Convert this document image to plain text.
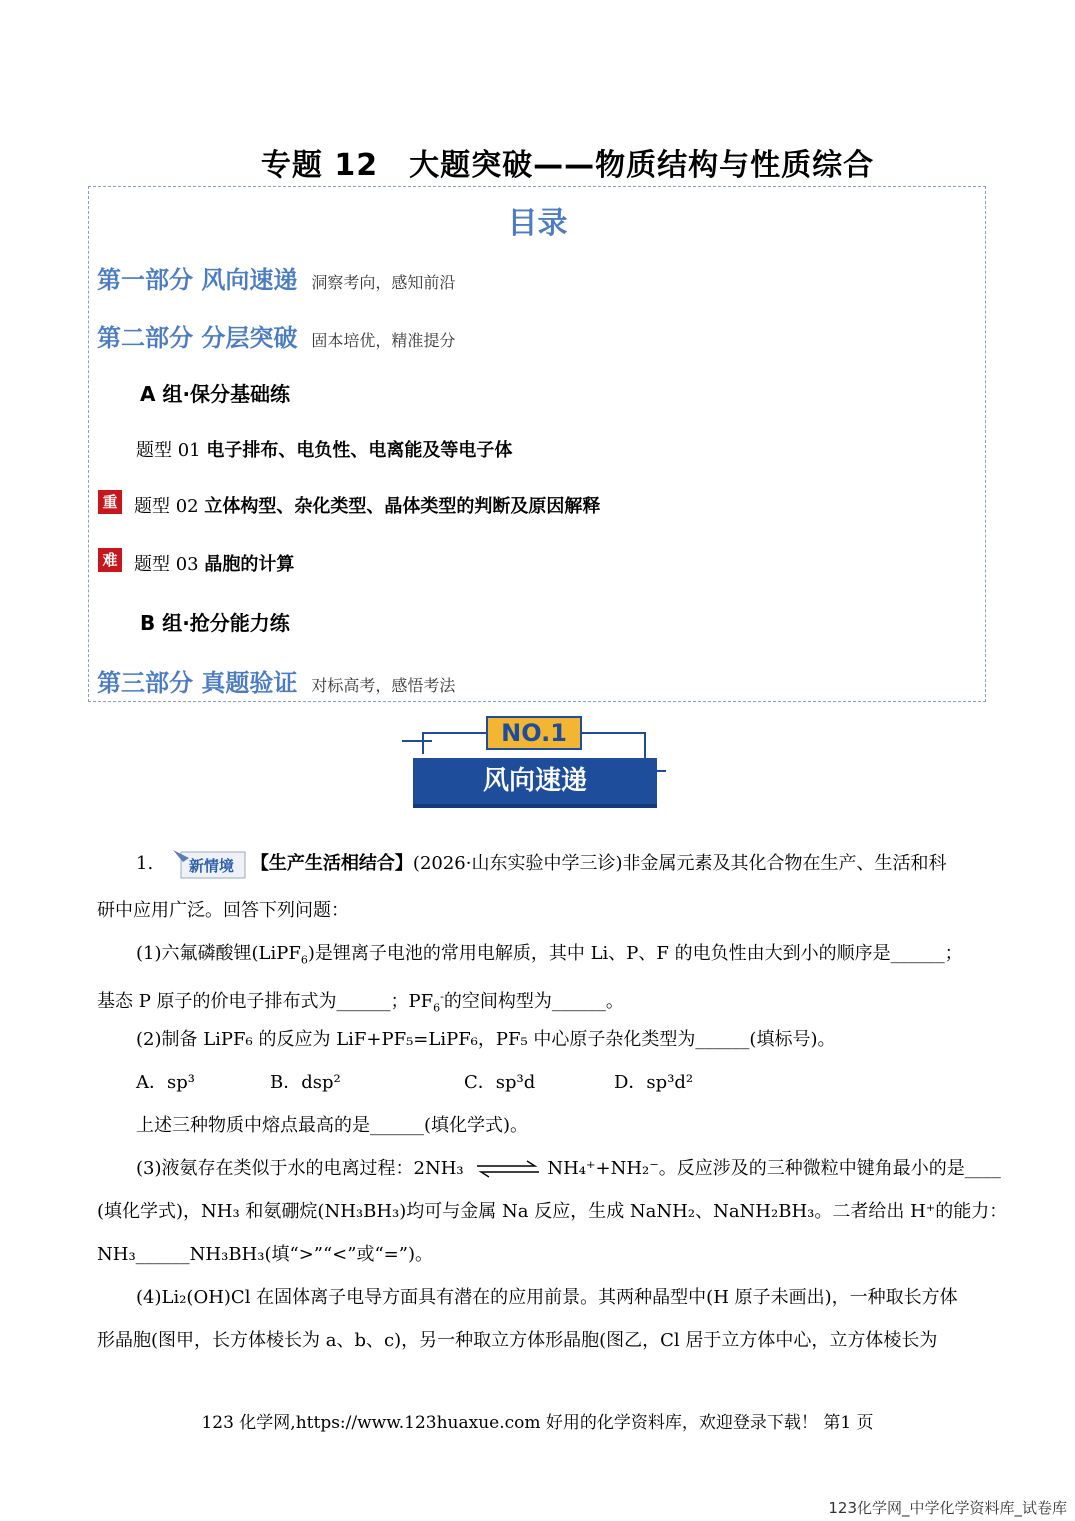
专题 12　大题突破——物质结构与性质综合
目录
第一部分 风向速递 洞察考向，感知前沿
第二部分 分层突破 固本培优，精准提分
A 组·保分基础练
题型 01 电子排布、电负性、电离能及等电子体
重 题型 02 立体构型、杂化类型、晶体类型的判断及原因解释
难 题型 03 晶胞的计算
B 组·抢分能力练
第三部分 真题验证 对标高考，感悟考法
NO.1
风向速递
1. 新情境 【生产生活相结合】(2026·山东实验中学三诊)非金属元素及其化合物在生产、生活和科
研中应用广泛。回答下列问题：
(1)六氟磷酸锂(LiPF$_6$)是锂离子电池的常用电解质，其中 Li、P、F 的电负性由大到小的顺序是______；
基态 P 原子的价电子排布式为______；$PF_6^-$的空间构型为______。
(2)制备 LiPF₆ 的反应为 LiF+PF₅=LiPF₆，PF₅ 中心原子杂化类型为______(填标号)。
A．sp³	B．dsp²	C．sp³d	D．sp³d²
上述三种物质中熔点最高的是______(填化学式)。
(3)液氨存在类似于水的电离过程：2NH₃ ⇌ NH₄⁺+NH₂⁻。反应涉及的三种微粒中键角最小的是____
(填化学式)，NH₃ 和氨硼烷(NH₃BH₃)均可与金属 Na 反应，生成 NaNH₂、NaNH₂BH₃。二者给出 H⁺的能力：
NH₃______NH₃BH₃(填“>”“<”或“=”)。
(4)Li₂(OH)Cl 在固体离子电导方面具有潜在的应用前景。其两种晶型中(H 原子未画出)，一种取长方体
形晶胞(图甲，长方体棱长为 a、b、c)，另一种取立方体形晶胞(图乙，Cl 居于立方体中心，立方体棱长为
123 化学网,https://www.123huaxue.com 好用的化学资料库，欢迎登录下载！ 第1 页
123化学网_中学化学资料库_试卷库
